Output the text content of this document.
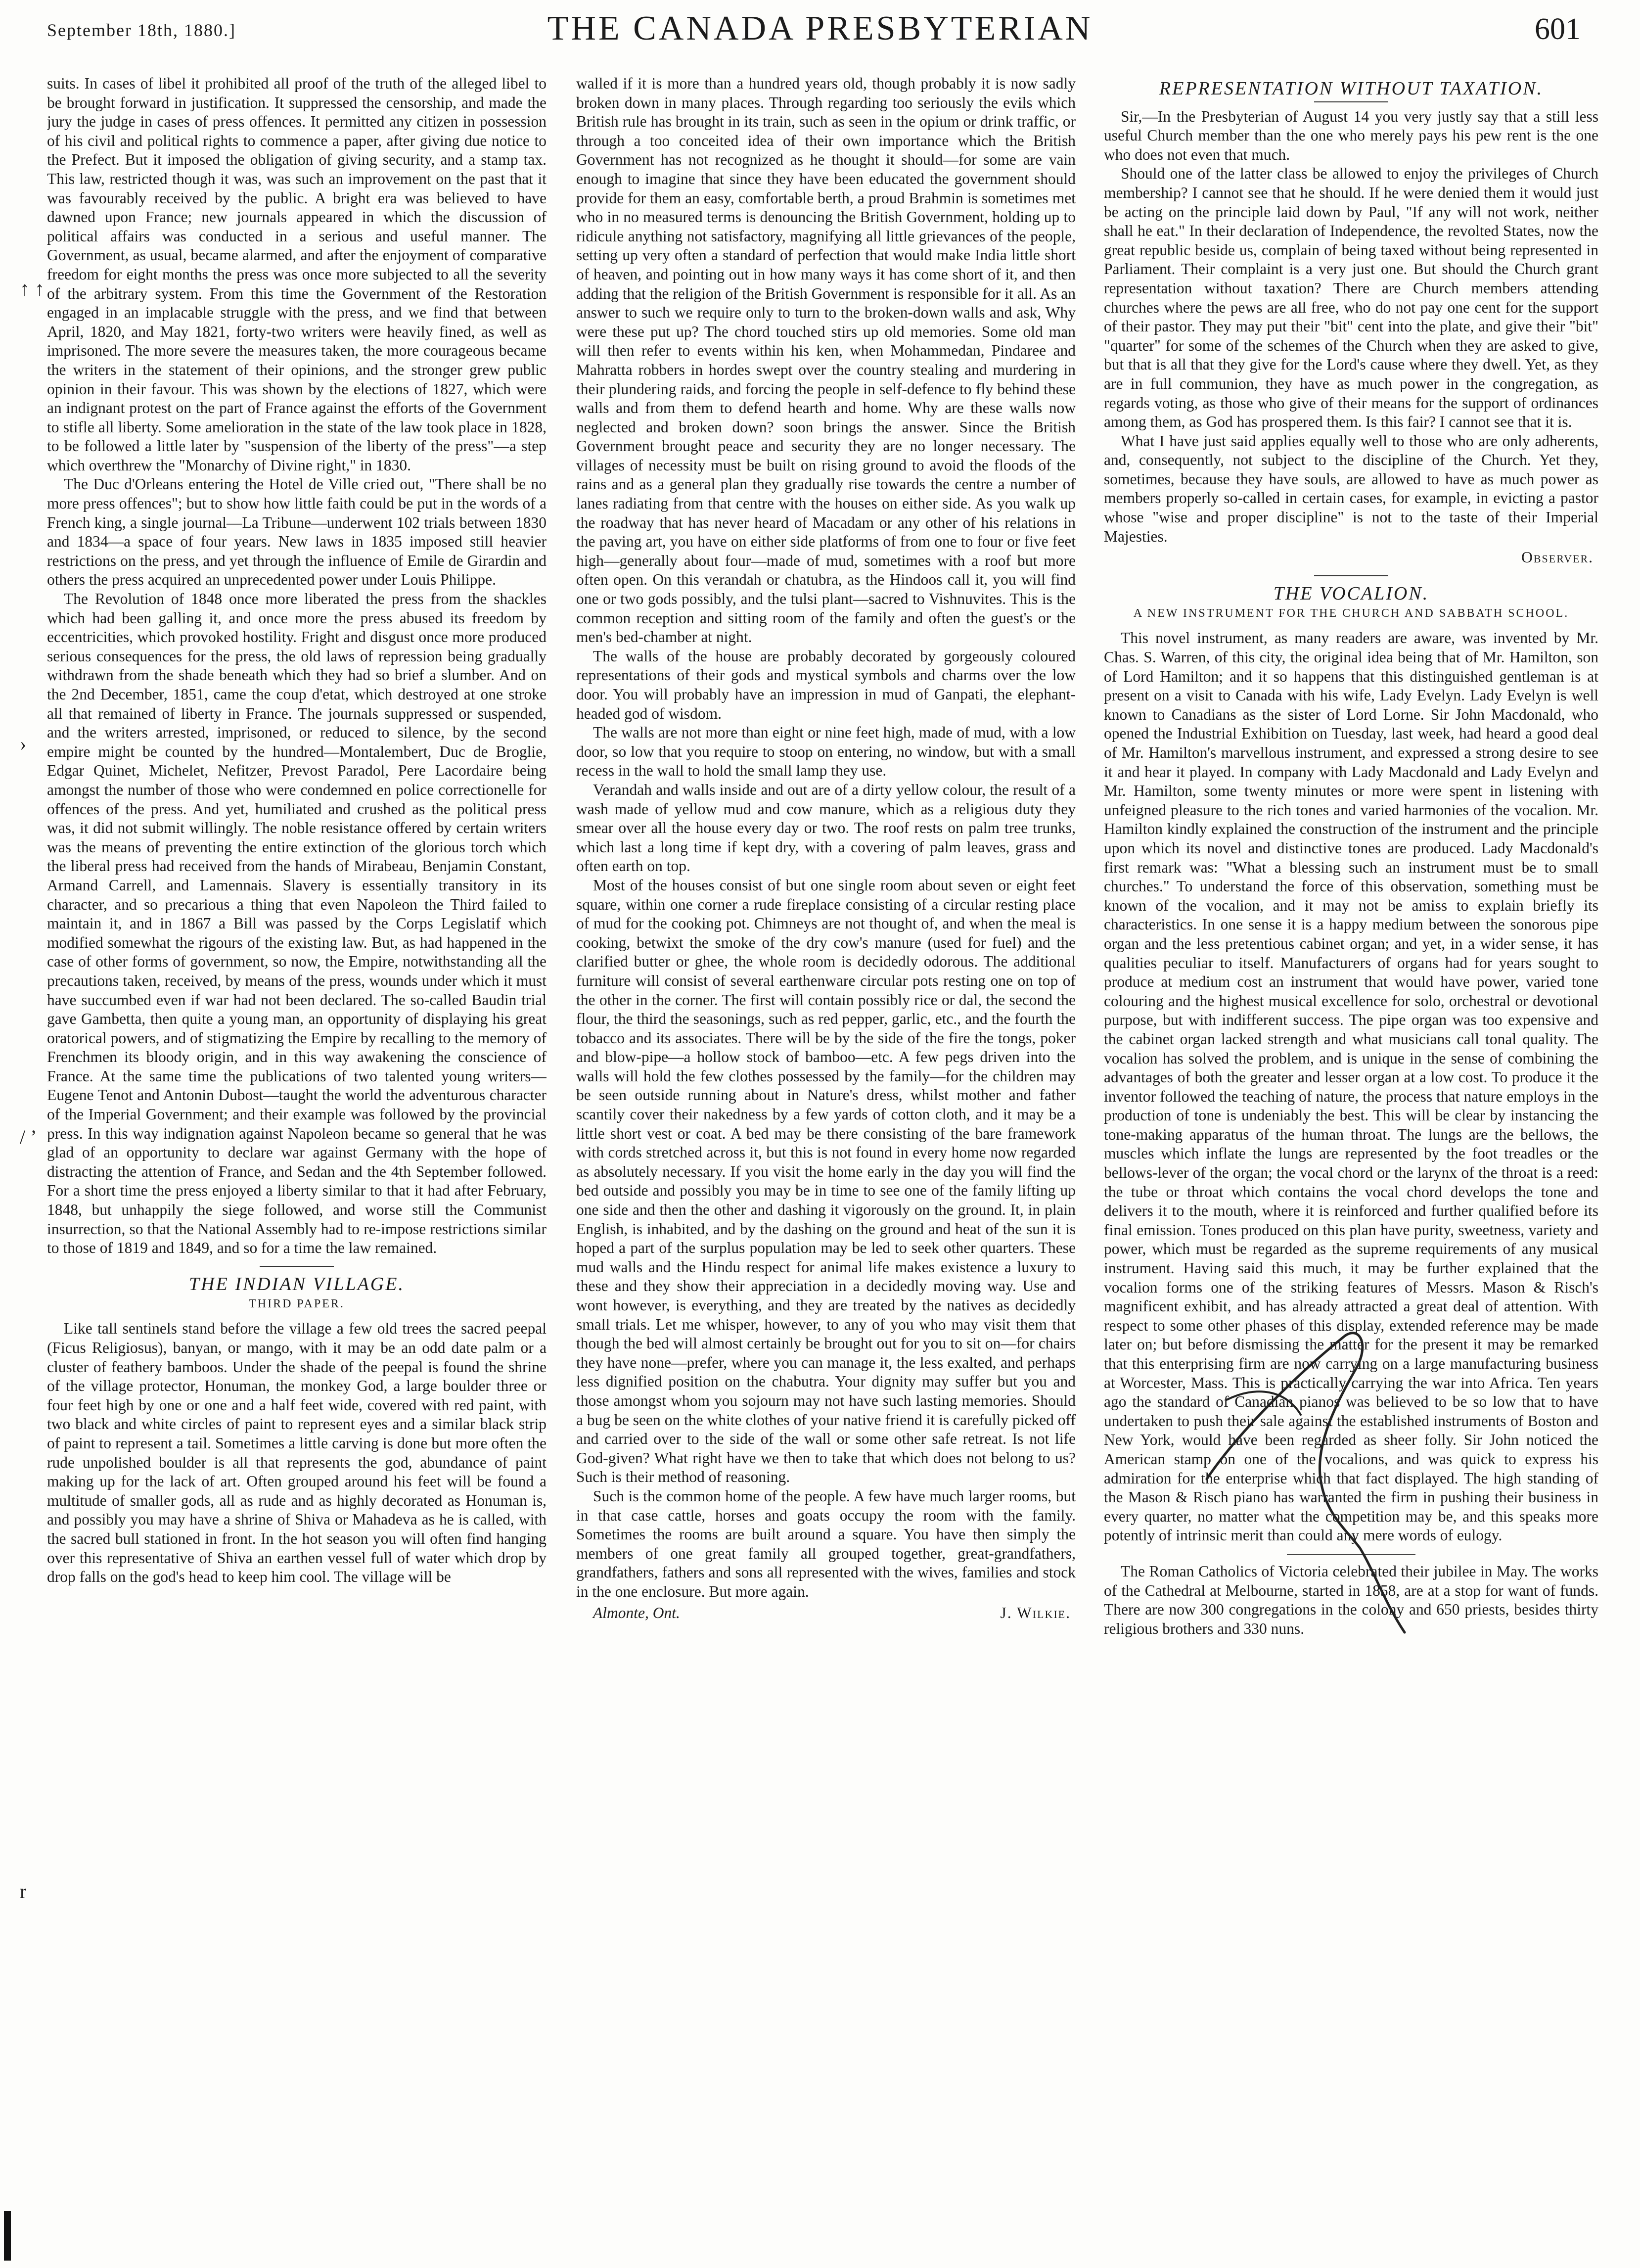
September 18th, 1880.]	THE CANADA PRESBYTERIAN	601
↑ ↑
›
/ ’
r

suits. In cases of libel it prohibited all proof of the truth of the alleged libel to be brought forward in justification. It suppressed the censorship, and made the jury the judge in cases of press offences. It permitted any citizen in possession of his civil and political rights to commence a paper, after giving due notice to the Prefect. But it imposed the obligation of giving security, and a stamp tax. This law, restricted though it was, was such an improvement on the past that it was favourably received by the public. A bright era was believed to have dawned upon France; new journals appeared in which the discussion of political affairs was conducted in a serious and useful manner. The Government, as usual, became alarmed, and after the enjoyment of comparative freedom for eight months the press was once more subjected to all the severity of the arbitrary system. From this time the Government of the Restoration engaged in an implacable struggle with the press, and we find that between April, 1820, and May 1821, forty-two writers were heavily fined, as well as imprisoned. The more severe the measures taken, the more courageous became the writers in the statement of their opinions, and the stronger grew public opinion in their favour. This was shown by the elections of 1827, which were an indignant protest on the part of France against the efforts of the Government to stifle all liberty. Some amelioration in the state of the law took place in 1828, to be followed a little later by "suspension of the liberty of the press"—a step which overthrew the "Monarchy of Divine right," in 1830.

The Duc d'Orleans entering the Hotel de Ville cried out, "There shall be no more press offences"; but to show how little faith could be put in the words of a French king, a single journal—La Tribune—underwent 102 trials between 1830 and 1834—a space of four years. New laws in 1835 imposed still heavier restrictions on the press, and yet through the influence of Emile de Girardin and others the press acquired an unprecedented power under Louis Philippe.

The Revolution of 1848 once more liberated the press from the shackles which had been galling it, and once more the press abused its freedom by eccentricities, which provoked hostility. Fright and disgust once more produced serious consequences for the press, the old laws of repression being gradually withdrawn from the shade beneath which they had so brief a slumber. And on the 2nd December, 1851, came the coup d'etat, which destroyed at one stroke all that remained of liberty in France. The journals suppressed or suspended, and the writers arrested, imprisoned, or reduced to silence, by the second empire might be counted by the hundred—Montalembert, Duc de Broglie, Edgar Quinet, Michelet, Nefitzer, Prevost Paradol, Pere Lacordaire being amongst the number of those who were condemned en police correctionelle for offences of the press. And yet, humiliated and crushed as the political press was, it did not submit willingly. The noble resistance offered by certain writers was the means of preventing the entire extinction of the glorious torch which the liberal press had received from the hands of Mirabeau, Benjamin Constant, Armand Carrell, and Lamennais. Slavery is essentially transitory in its character, and so precarious a thing that even Napoleon the Third failed to maintain it, and in 1867 a Bill was passed by the Corps Legislatif which modified somewhat the rigours of the existing law. But, as had happened in the case of other forms of government, so now, the Empire, notwithstanding all the precautions taken, received, by means of the press, wounds under which it must have succumbed even if war had not been declared. The so-called Baudin trial gave Gambetta, then quite a young man, an opportunity of displaying his great oratorical powers, and of stigmatizing the Empire by recalling to the memory of Frenchmen its bloody origin, and in this way awakening the conscience of France. At the same time the publications of two talented young writers—Eugene Tenot and Antonin Dubost—taught the world the adventurous character of the Imperial Government; and their example was followed by the provincial press. In this way indignation against Napoleon became so general that he was glad of an opportunity to declare war against Germany with the hope of distracting the attention of France, and Sedan and the 4th September followed. For a short time the press enjoyed a liberty similar to that it had after February, 1848, but unhappily the siege followed, and worse still the Communist insurrection, so that the National Assembly had to re-impose restrictions similar to those of 1819 and 1849, and so for a time the law remained.

THE INDIAN VILLAGE.
THIRD PAPER.

Like tall sentinels stand before the village a few old trees the sacred peepal (Ficus Religiosus), banyan, or mango, with it may be an odd date palm or a cluster of feathery bamboos. Under the shade of the peepal is found the shrine of the village protector, Honuman, the monkey God, a large boulder three or four feet high by one or one and a half feet wide, covered with red paint, with two black and white circles of paint to represent eyes and a similar black strip of paint to represent a tail. Sometimes a little carving is done but more often the rude unpolished boulder is all that represents the god, abundance of paint making up for the lack of art. Often grouped around his feet will be found a multitude of smaller gods, all as rude and as highly decorated as Honuman is, and possibly you may have a shrine of Shiva or Mahadeva as he is called, with the sacred bull stationed in front. In the hot season you will often find hanging over this representative of Shiva an earthen vessel full of water which drop by drop falls on the god's head to keep him cool. The village will be

walled if it is more than a hundred years old, though probably it is now sadly broken down in many places. Through regarding too seriously the evils which British rule has brought in its train, such as seen in the opium or drink traffic, or through a too conceited idea of their own importance which the British Government has not recognized as he thought it should—for some are vain enough to imagine that since they have been educated the government should provide for them an easy, comfortable berth, a proud Brahmin is sometimes met who in no measured terms is denouncing the British Government, holding up to ridicule anything not satisfactory, magnifying all little grievances of the people, setting up very often a standard of perfection that would make India little short of heaven, and pointing out in how many ways it has come short of it, and then adding that the religion of the British Government is responsible for it all. As an answer to such we require only to turn to the broken-down walls and ask, Why were these put up? The chord touched stirs up old memories. Some old man will then refer to events within his ken, when Mohammedan, Pindaree and Mahratta robbers in hordes swept over the country stealing and murdering in their plundering raids, and forcing the people in self-defence to fly behind these walls and from them to defend hearth and home. Why are these walls now neglected and broken down? soon brings the answer. Since the British Government brought peace and security they are no longer necessary. The villages of necessity must be built on rising ground to avoid the floods of the rains and as a general plan they gradually rise towards the centre a number of lanes radiating from that centre with the houses on either side. As you walk up the roadway that has never heard of Macadam or any other of his relations in the paving art, you have on either side platforms of from one to four or five feet high—generally about four—made of mud, sometimes with a roof but more often open. On this verandah or chatubra, as the Hindoos call it, you will find one or two gods possibly, and the tulsi plant—sacred to Vishnuvites. This is the common reception and sitting room of the family and often the guest's or the men's bed-chamber at night.

The walls of the house are probably decorated by gorgeously coloured representations of their gods and mystical symbols and charms over the low door. You will probably have an impression in mud of Ganpati, the elephant-headed god of wisdom.

The walls are not more than eight or nine feet high, made of mud, with a low door, so low that you require to stoop on entering, no window, but with a small recess in the wall to hold the small lamp they use.

Verandah and walls inside and out are of a dirty yellow colour, the result of a wash made of yellow mud and cow manure, which as a religious duty they smear over all the house every day or two. The roof rests on palm tree trunks, which last a long time if kept dry, with a covering of palm leaves, grass and often earth on top.

Most of the houses consist of but one single room about seven or eight feet square, within one corner a rude fireplace consisting of a circular resting place of mud for the cooking pot. Chimneys are not thought of, and when the meal is cooking, betwixt the smoke of the dry cow's manure (used for fuel) and the clarified butter or ghee, the whole room is decidedly odorous. The additional furniture will consist of several earthenware circular pots resting one on top of the other in the corner. The first will contain possibly rice or dal, the second the flour, the third the seasonings, such as red pepper, garlic, etc., and the fourth the tobacco and its associates. There will be by the side of the fire the tongs, poker and blow-pipe—a hollow stock of bamboo—etc. A few pegs driven into the walls will hold the few clothes possessed by the family—for the children may be seen outside running about in Nature's dress, whilst mother and father scantily cover their nakedness by a few yards of cotton cloth, and it may be a little short vest or coat. A bed may be there consisting of the bare framework with cords stretched across it, but this is not found in every home now regarded as absolutely necessary. If you visit the home early in the day you will find the bed outside and possibly you may be in time to see one of the family lifting up one side and then the other and dashing it vigorously on the ground. It, in plain English, is inhabited, and by the dashing on the ground and heat of the sun it is hoped a part of the surplus population may be led to seek other quarters. These mud walls and the Hindu respect for animal life makes existence a luxury to these and they show their appreciation in a decidedly moving way. Use and wont however, is everything, and they are treated by the natives as decidedly small trials. Let me whisper, however, to any of you who may visit them that though the bed will almost certainly be brought out for you to sit on—for chairs they have none—prefer, where you can manage it, the less exalted, and perhaps less dignified position on the chabutra. Your dignity may suffer but you and those amongst whom you sojourn may not have such lasting memories. Should a bug be seen on the white clothes of your native friend it is carefully picked off and carried over to the side of the wall or some other safe retreat. Is not life God-given? What right have we then to take that which does not belong to us? Such is their method of reasoning.

Such is the common home of the people. A few have much larger rooms, but in that case cattle, horses and goats occupy the room with the family. Sometimes the rooms are built around a square. You have then simply the members of one great family all grouped together, great-grandfathers, grandfathers, fathers and sons all represented with the wives, families and stock in the one enclosure. But more again.

Almonte, Ont.	J. Wilkie.
REPRESENTATION WITHOUT TAXATION.

Sir,—In the Presbyterian of August 14 you very justly say that a still less useful Church member than the one who merely pays his pew rent is the one who does not even that much.

Should one of the latter class be allowed to enjoy the privileges of Church membership? I cannot see that he should. If he were denied them it would just be acting on the principle laid down by Paul, "If any will not work, neither shall he eat." In their declaration of Independence, the revolted States, now the great republic beside us, complain of being taxed without being represented in Parliament. Their complaint is a very just one. But should the Church grant representation without taxation? There are Church members attending churches where the pews are all free, who do not pay one cent for the support of their pastor. They may put their "bit" cent into the plate, and give their "bit" "quarter" for some of the schemes of the Church when they are asked to give, but that is all that they give for the Lord's cause where they dwell. Yet, as they are in full communion, they have as much power in the congregation, as regards voting, as those who give of their means for the support of ordinances among them, as God has prospered them. Is this fair? I cannot see that it is.

What I have just said applies equally well to those who are only adherents, and, consequently, not subject to the discipline of the Church. Yet they, sometimes, because they have souls, are allowed to have as much power as members properly so-called in certain cases, for example, in evicting a pastor whose "wise and proper discipline" is not to the taste of their Imperial Majesties.

Observer.
THE VOCALION.
A NEW INSTRUMENT FOR THE CHURCH AND SABBATH SCHOOL.

This novel instrument, as many readers are aware, was invented by Mr. Chas. S. Warren, of this city, the original idea being that of Mr. Hamilton, son of Lord Hamilton; and it so happens that this distinguished gentleman is at present on a visit to Canada with his wife, Lady Evelyn. Lady Evelyn is well known to Canadians as the sister of Lord Lorne. Sir John Macdonald, who opened the Industrial Exhibition on Tuesday, last week, had heard a good deal of Mr. Hamilton's marvellous instrument, and expressed a strong desire to see it and hear it played. In company with Lady Macdonald and Lady Evelyn and Mr. Hamilton, some twenty minutes or more were spent in listening with unfeigned pleasure to the rich tones and varied harmonies of the vocalion. Mr. Hamilton kindly explained the construction of the instrument and the principle upon which its novel and distinctive tones are produced. Lady Macdonald's first remark was: "What a blessing such an instrument must be to small churches." To understand the force of this observation, something must be known of the vocalion, and it may not be amiss to explain briefly its characteristics. In one sense it is a happy medium between the sonorous pipe organ and the less pretentious cabinet organ; and yet, in a wider sense, it has qualities peculiar to itself. Manufacturers of organs had for years sought to produce at medium cost an instrument that would have power, varied tone colouring and the highest musical excellence for solo, orchestral or devotional purpose, but with indifferent success. The pipe organ was too expensive and the cabinet organ lacked strength and what musicians call tonal quality. The vocalion has solved the problem, and is unique in the sense of combining the advantages of both the greater and lesser organ at a low cost. To produce it the inventor followed the teaching of nature, the process that nature employs in the production of tone is undeniably the best. This will be clear by instancing the tone-making apparatus of the human throat. The lungs are the bellows, the muscles which inflate the lungs are represented by the foot treadles or the bellows-lever of the organ; the vocal chord or the larynx of the throat is a reed: the tube or throat which contains the vocal chord develops the tone and delivers it to the mouth, where it is reinforced and further qualified before its final emission. Tones produced on this plan have purity, sweetness, variety and power, which must be regarded as the supreme requirements of any musical instrument. Having said this much, it may be further explained that the vocalion forms one of the striking features of Messrs. Mason & Risch's magnificent exhibit, and has already attracted a great deal of attention. With respect to some other phases of this display, extended reference may be made later on; but before dismissing the matter for the present it may be remarked that this enterprising firm are now carrying on a large manufacturing business at Worcester, Mass. This is practically carrying the war into Africa. Ten years ago the standard of Canadian pianos was believed to be so low that to have undertaken to push their sale against the established instruments of Boston and New York, would have been regarded as sheer folly. Sir John noticed the American stamp on one of the vocalions, and was quick to express his admiration for the enterprise which that fact displayed. The high standing of the Mason & Risch piano has warranted the firm in pushing their business in every quarter, no matter what the competition may be, and this speaks more potently of intrinsic merit than could any mere words of eulogy.

The Roman Catholics of Victoria celebrated their jubilee in May. The works of the Cathedral at Melbourne, started in 1858, are at a stop for want of funds. There are now 300 congregations in the colony and 650 priests, besides thirty religious brothers and 330 nuns.
